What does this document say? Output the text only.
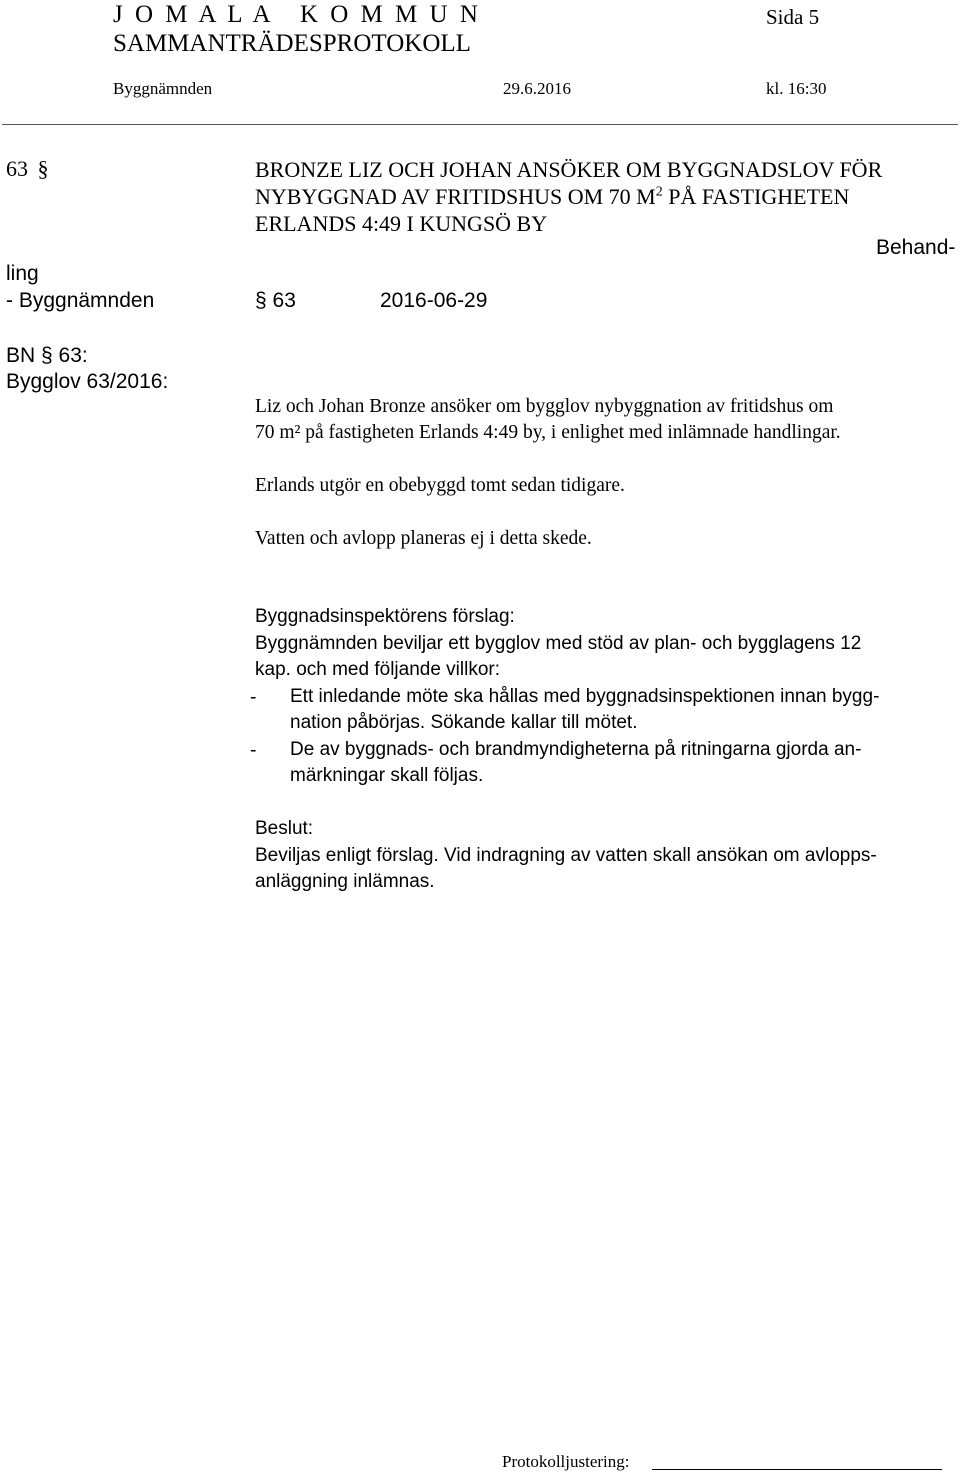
J O M A L A   K O M M U N	Sida 5
SAMMANTRÄDESPROTOKOLL
Byggnämnden	29.6.2016	kl. 16:30
63 §	BRONZE LIZ OCH JOHAN ANSÖKER OM BYGGNADSLOV FÖR
NYBYGGNAD AV FRITIDSHUS OM 70 $M^2$ PÅ FASTIGHETEN
ERLANDS 4:49 I KUNGSÖ BY
Behand-
ling
- Byggnämnden	§ 63	2016-06-29
BN § 63:
Bygglov 63/2016:
Liz och Johan Bronze ansöker om bygglov nybyggnation av fritidshus om
70 m² på fastigheten Erlands 4:49 by, i enlighet med inlämnade handlingar.
Erlands utgör en obebyggd tomt sedan tidigare.
Vatten och avlopp planeras ej i detta skede.
Byggnadsinspektörens förslag:
Byggnämnden beviljar ett bygglov med stöd av plan- och bygglagens 12
kap. och med följande villkor:
- Ett inledande möte ska hållas med byggnadsinspektionen innan bygg-
nation påbörjas. Sökande kallar till mötet.
- De av byggnads- och brandmyndigheterna på ritningarna gjorda an-
märkningar skall följas.
Beslut:
Beviljas enligt förslag. Vid indragning av vatten skall ansökan om avlopps-
anläggning inlämnas.
Protokolljustering:
